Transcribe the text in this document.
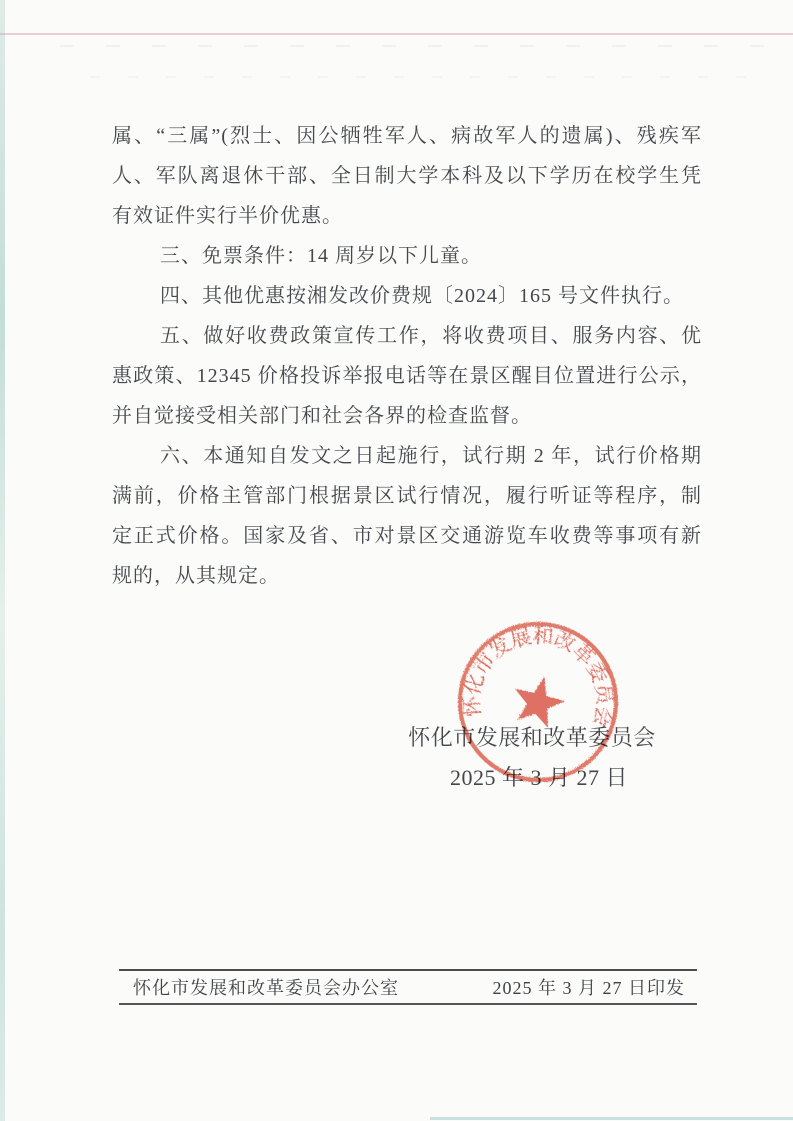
属、“三属”(烈士、因公牺牲军人、病故军人的遗属)、残疾军
人、军队离退休干部、全日制大学本科及以下学历在校学生凭
有效证件实行半价优惠。
三、免票条件：14 周岁以下儿童。
四、其他优惠按湘发改价费规〔2024〕165 号文件执行。
五、做好收费政策宣传工作，将收费项目、服务内容、优
惠政策、12345 价格投诉举报电话等在景区醒目位置进行公示，
并自觉接受相关部门和社会各界的检查监督。
六、本通知自发文之日起施行，试行期 2 年，试行价格期
满前，价格主管部门根据景区试行情况，履行听证等程序，制
定正式价格。国家及省、市对景区交通游览车收费等事项有新
规的，从其规定。
怀化市发展和改革委员会
2025 年 3 月 27 日
怀化市发展和改革委员会
怀化市发展和改革委员会办公室	2025 年 3 月 27 日印发
